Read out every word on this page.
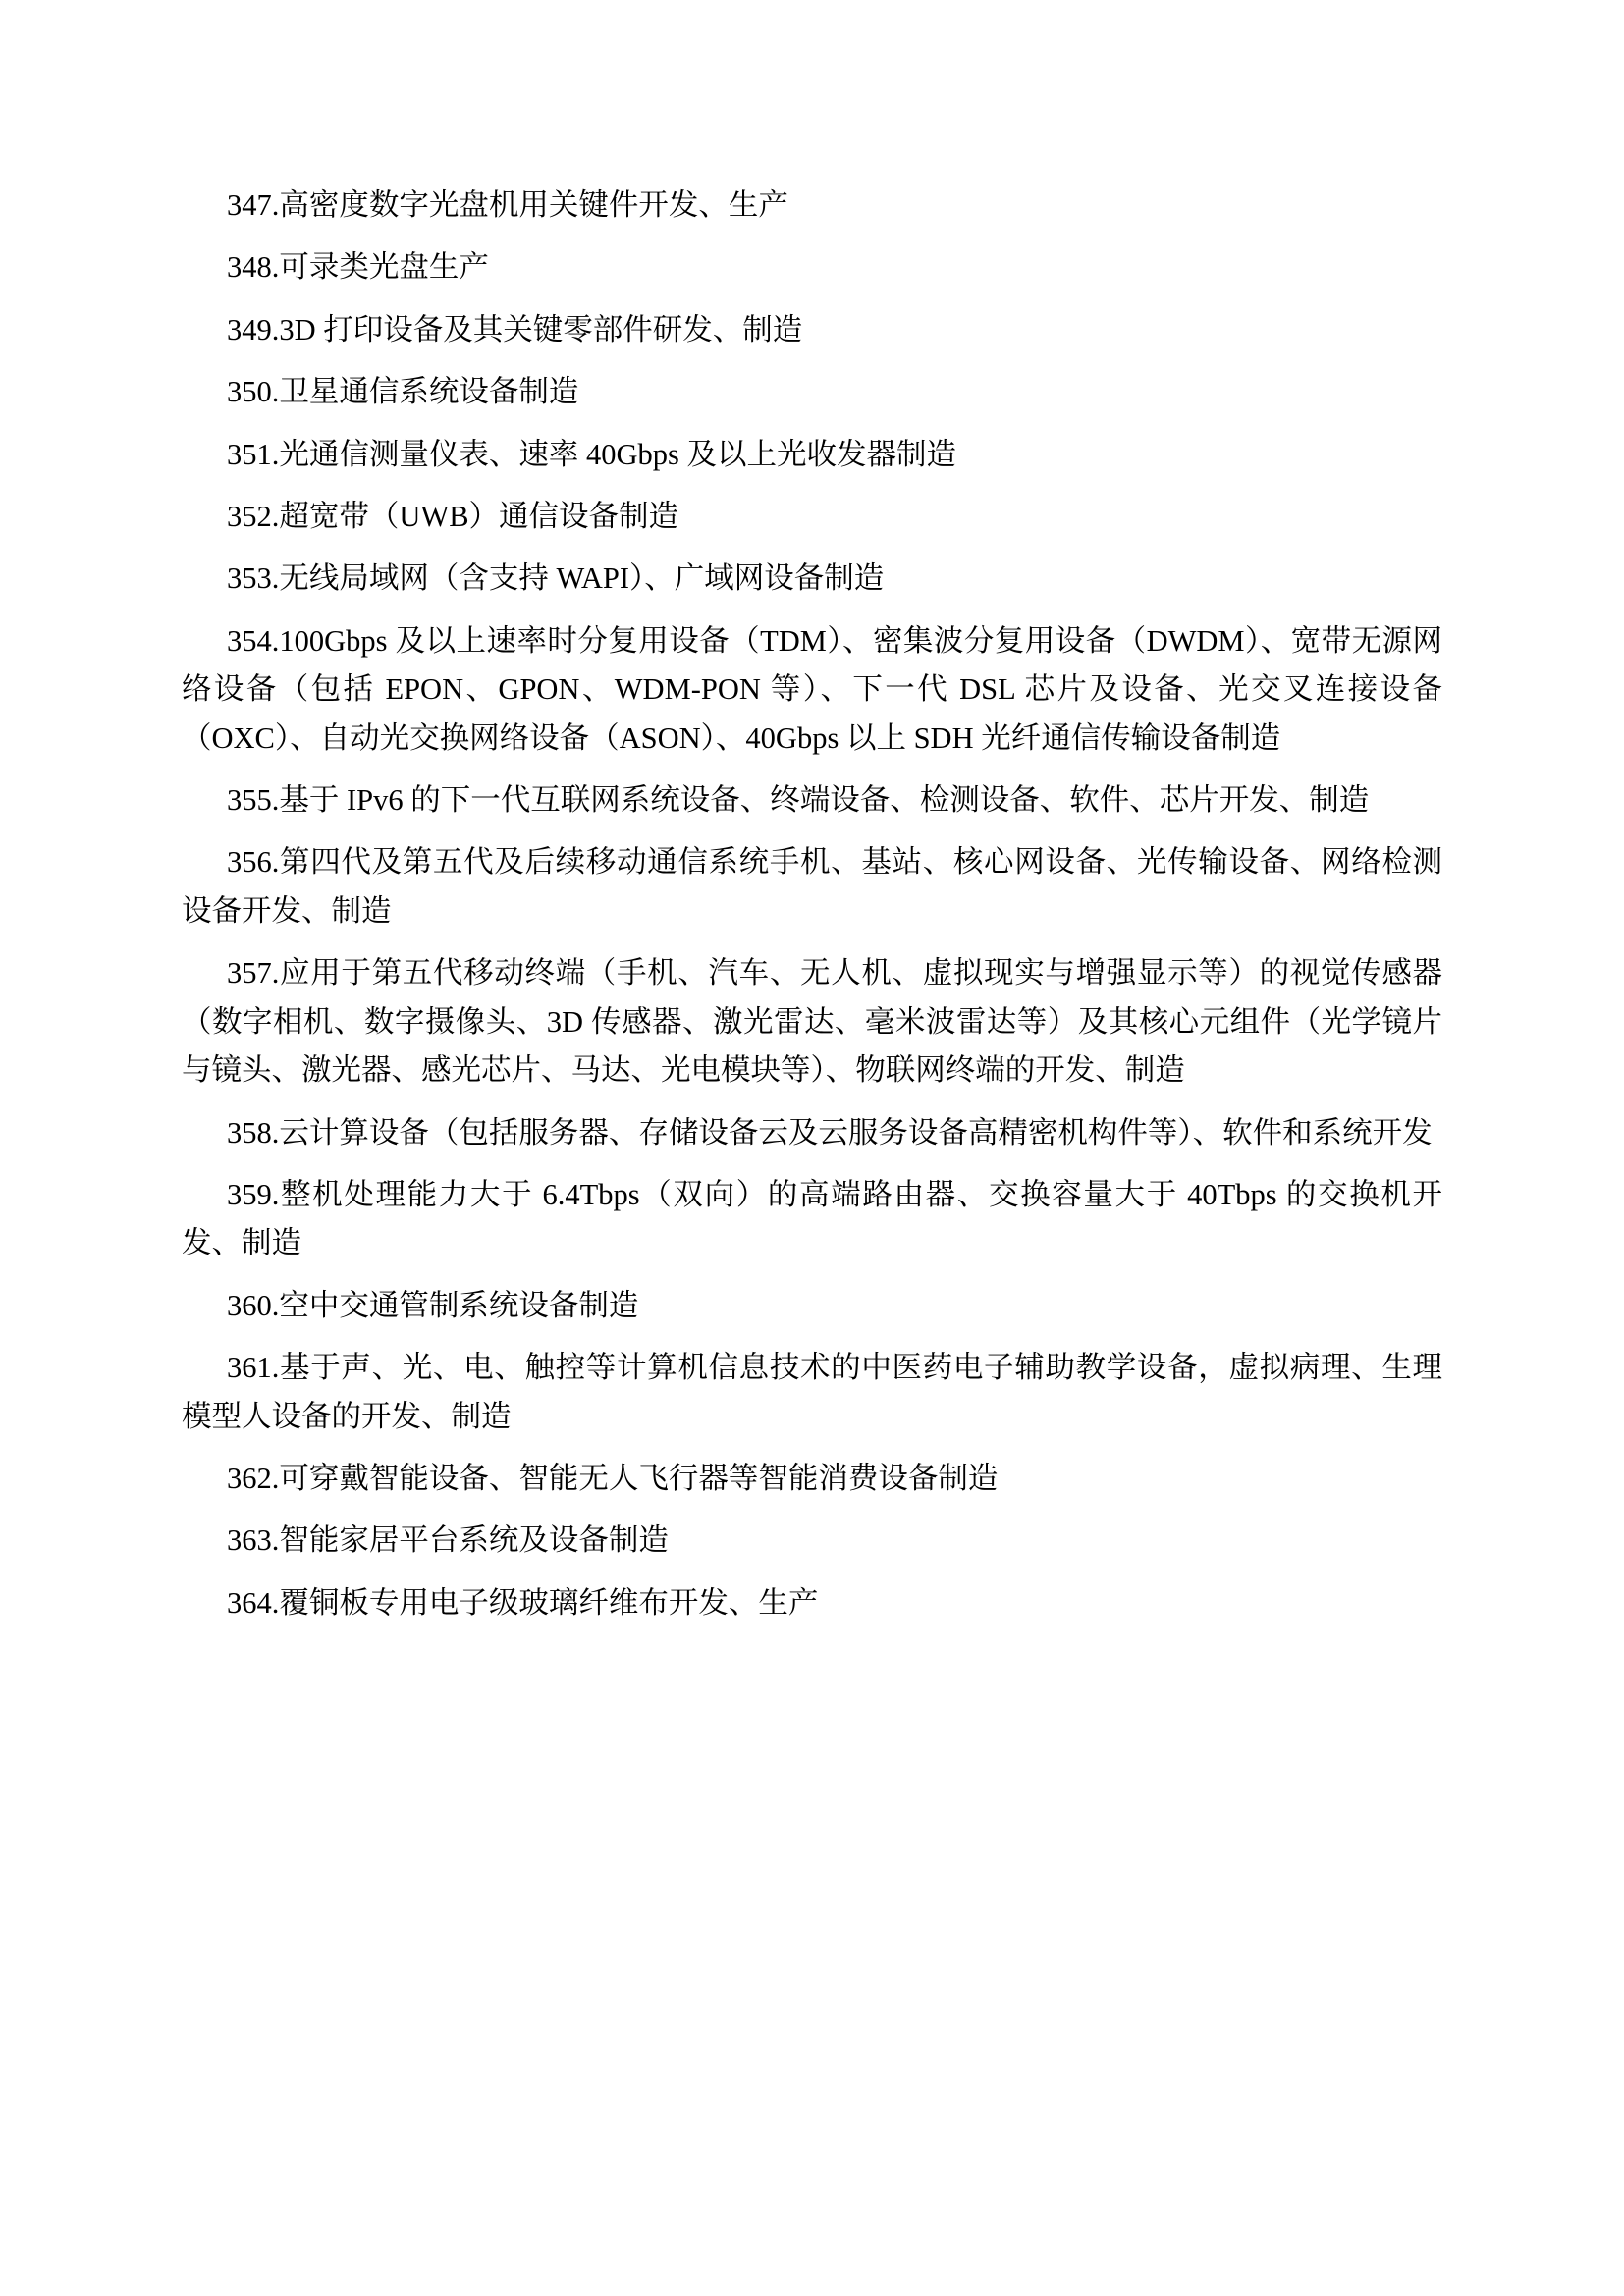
347.高密度数字光盘机用关键件开发、生产

348.可录类光盘生产

349.3D 打印设备及其关键零部件研发、制造

350.卫星通信系统设备制造

351.光通信测量仪表、速率 40Gbps 及以上光收发器制造

352.超宽带（UWB）通信设备制造

353.无线局域网（含支持 WAPI）、广域网设备制造

354.100Gbps 及以上速率时分复用设备（TDM）、密集波分复用设备（DWDM）、宽带无源网络设备（包括 EPON、GPON、WDM-PON 等）、下一代 DSL 芯片及设备、光交叉连接设备（OXC）、自动光交换网络设备（ASON）、40Gbps 以上 SDH 光纤通信传输设备制造

355.基于 IPv6 的下一代互联网系统设备、终端设备、检测设备、软件、芯片开发、制造

356.第四代及第五代及后续移动通信系统手机、基站、核心网设备、光传输设备、网络检测设备开发、制造

357.应用于第五代移动终端（手机、汽车、无人机、虚拟现实与增强显示等）的视觉传感器（数字相机、数字摄像头、3D 传感器、激光雷达、毫米波雷达等）及其核心元组件（光学镜片与镜头、激光器、感光芯片、马达、光电模块等）、物联网终端的开发、制造

358.云计算设备（包括服务器、存储设备云及云服务设备高精密机构件等）、软件和系统开发

359.整机处理能力大于 6.4Tbps（双向）的高端路由器、交换容量大于 40Tbps 的交换机开发、制造

360.空中交通管制系统设备制造

361.基于声、光、电、触控等计算机信息技术的中医药电子辅助教学设备，虚拟病理、生理模型人设备的开发、制造

362.可穿戴智能设备、智能无人飞行器等智能消费设备制造

363.智能家居平台系统及设备制造

364.覆铜板专用电子级玻璃纤维布开发、生产
